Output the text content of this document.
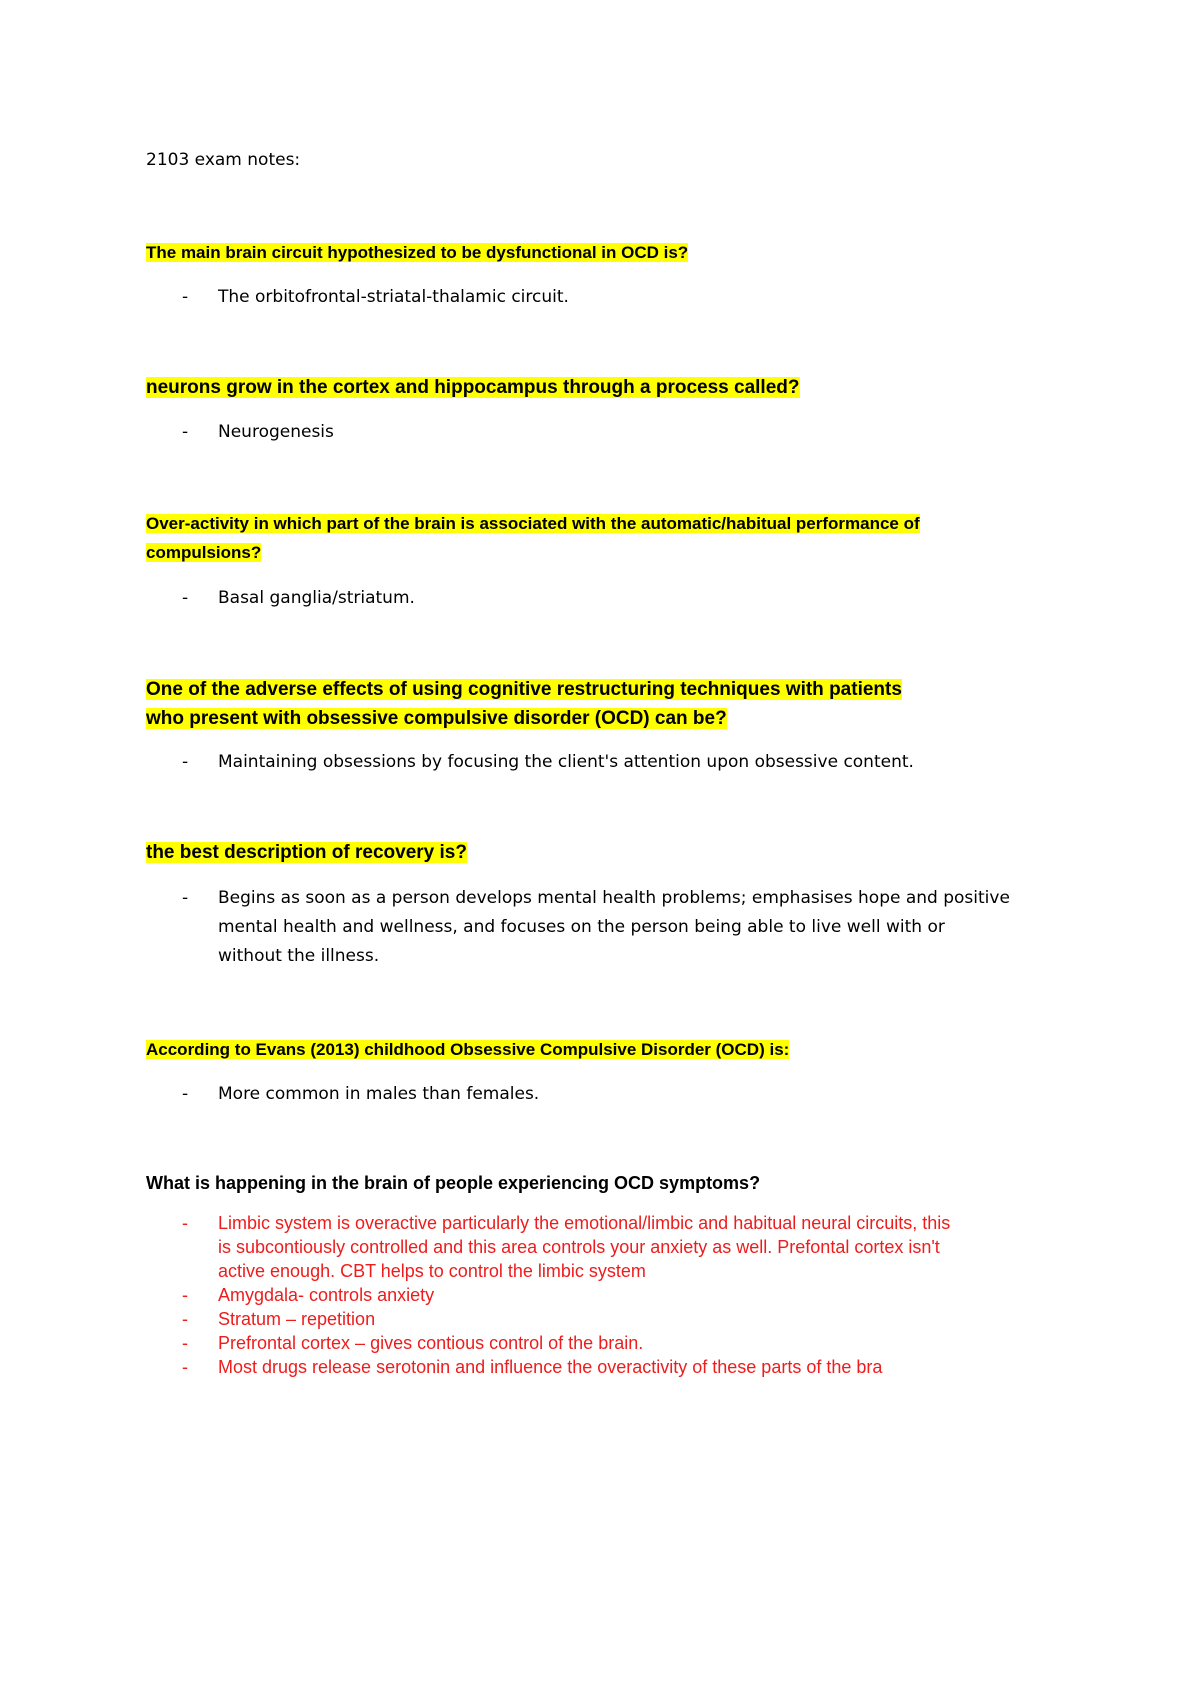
2103 exam notes:
The main brain circuit hypothesized to be dysfunctional in OCD is?
- The orbitofrontal-striatal-thalamic circuit.
neurons grow in the cortex and hippocampus through a process called?
- Neurogenesis
Over-activity in which part of the brain is associated with the automatic/habitual performance of
compulsions?
- Basal ganglia/striatum.
One of the adverse effects of using cognitive restructuring techniques with patients
who present with obsessive compulsive disorder (OCD) can be?
- Maintaining obsessions by focusing the client's attention upon obsessive content.
the best description of recovery is?
- Begins as soon as a person develops mental health problems; emphasises hope and positive
mental health and wellness, and focuses on the person being able to live well with or
without the illness.
According to Evans (2013) childhood Obsessive Compulsive Disorder (OCD) is:
- More common in males than females.
What is happening in the brain of people experiencing OCD symptoms?
- Limbic system is overactive particularly the emotional/limbic and habitual neural circuits, this
is subcontiously controlled and this area controls your anxiety as well. Prefontal cortex isn't
active enough. CBT helps to control the limbic system
- Amygdala- controls anxiety
- Stratum – repetition
- Prefrontal cortex – gives contious control of the brain.
- Most drugs release serotonin and influence the overactivity of these parts of the bra
